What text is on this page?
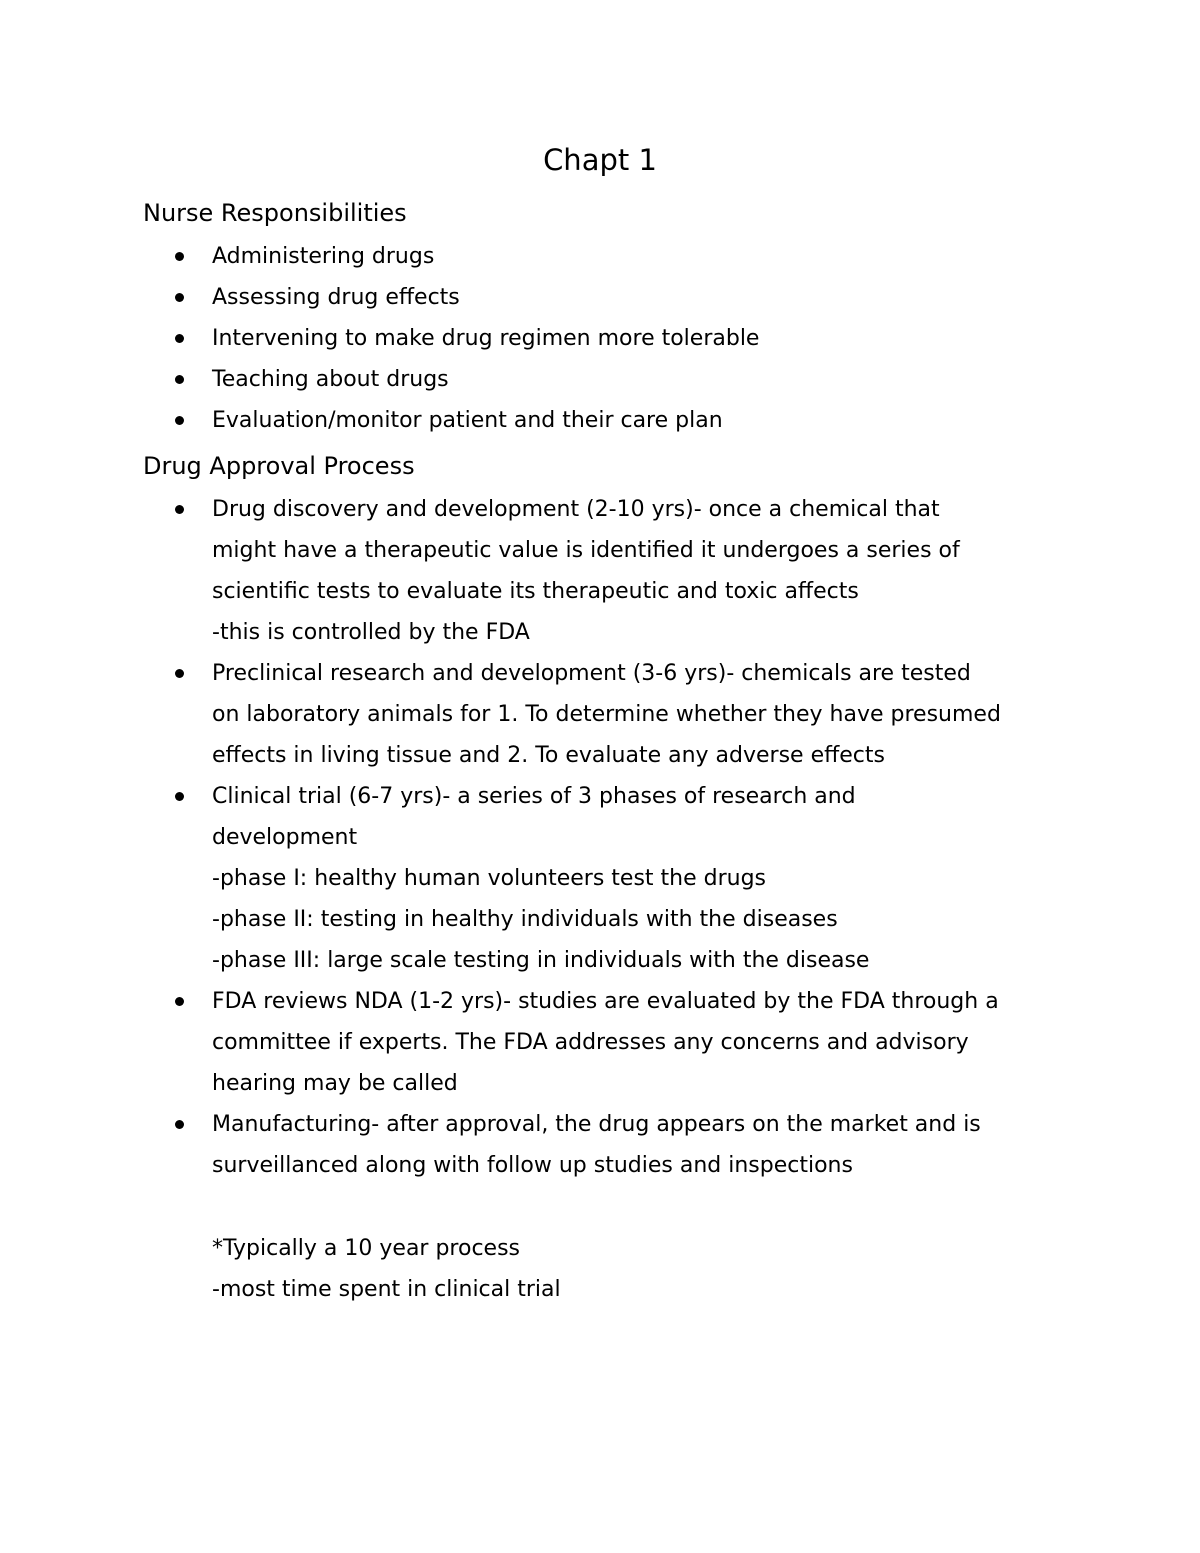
Chapt 1
Nurse Responsibilities
Administering drugs
Assessing drug effects
Intervening to make drug regimen more tolerable
Teaching about drugs
Evaluation/monitor patient and their care plan
Drug Approval Process
Drug discovery and development (2-10 yrs)- once a chemical that
might have a therapeutic value is identified it undergoes a series of
scientific tests to evaluate its therapeutic and toxic affects
-this is controlled by the FDA
Preclinical research and development (3-6 yrs)- chemicals are tested
on laboratory animals for 1. To determine whether they have presumed
effects in living tissue and 2. To evaluate any adverse effects
Clinical trial (6-7 yrs)- a series of 3 phases of research and
development
-phase I: healthy human volunteers test the drugs
-phase II: testing in healthy individuals with the diseases
-phase III: large scale testing in individuals with the disease
FDA reviews NDA (1-2 yrs)- studies are evaluated by the FDA through a
committee if experts. The FDA addresses any concerns and advisory
hearing may be called
Manufacturing- after approval, the drug appears on the market and is
surveillanced along with follow up studies and inspections
*Typically a 10 year process
-most time spent in clinical trial
